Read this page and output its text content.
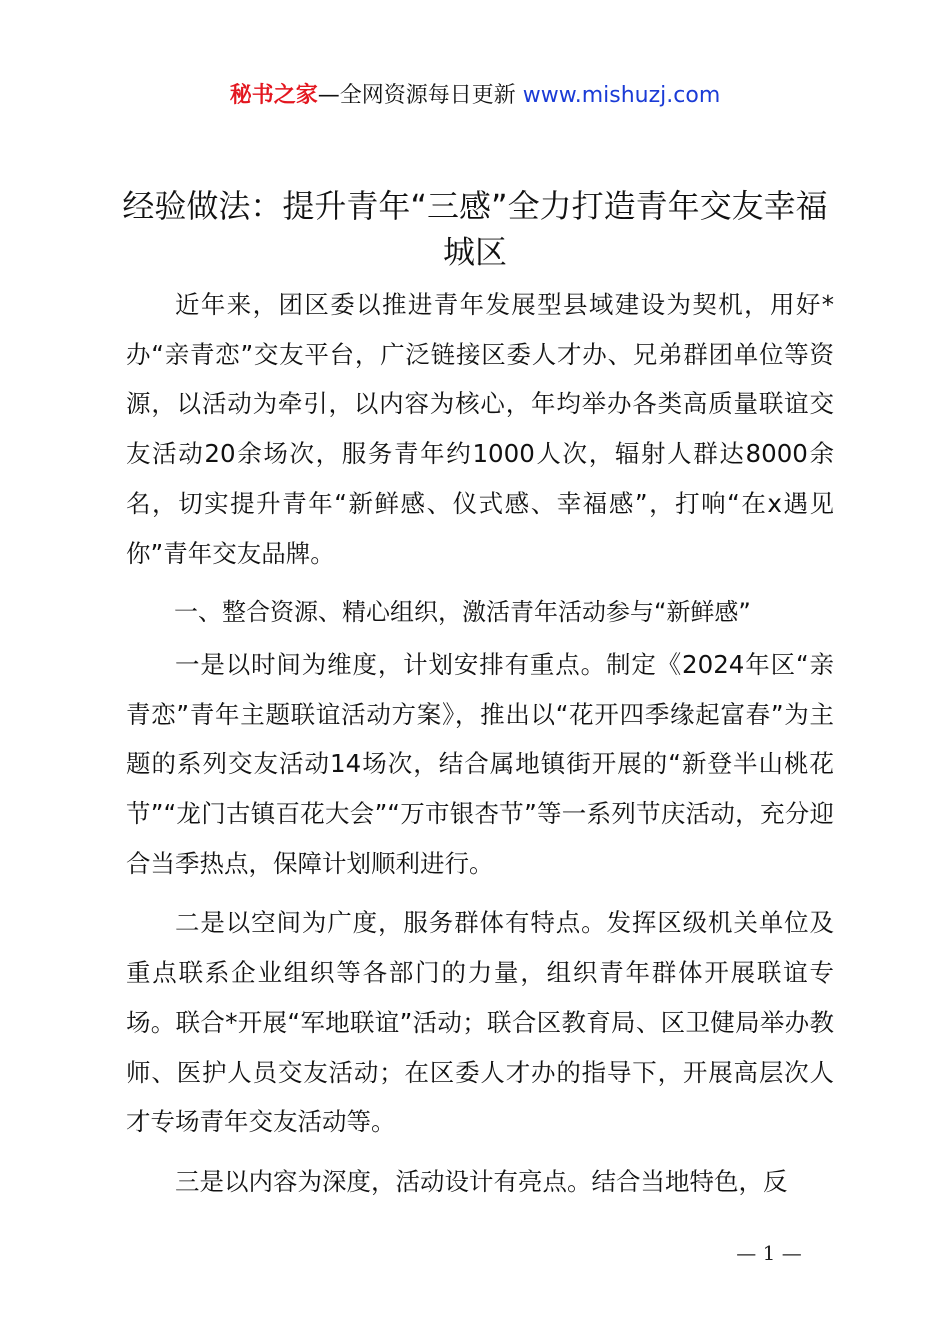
秘书之家—全网资源每日更新 www.mishuzj.com
经验做法：提升青年“三感”全力打造青年交友幸福城区

近年来，团区委以推进青年发展型县域建设为契机，用好*办“亲青恋”交友平台，广泛链接区委人才办、兄弟群团单位等资源，以活动为牵引，以内容为核心，年均举办各类高质量联谊交友活动20余场次，服务青年约1000人次，辐射人群达8000余名，切实提升青年“新鲜感、仪式感、幸福感”，打响“在x遇见你”青年交友品牌。

一、整合资源、精心组织，激活青年活动参与“新鲜感”

一是以时间为维度，计划安排有重点。制定《2024年区“亲青恋”青年主题联谊活动方案》，推出以“花开四季缘起富春”为主题的系列交友活动14场次，结合属地镇街开展的“新登半山桃花节”“龙门古镇百花大会”“万市银杏节”等一系列节庆活动，充分迎合当季热点，保障计划顺利进行。

二是以空间为广度，服务群体有特点。发挥区级机关单位及重点联系企业组织等各部门的力量，组织青年群体开展联谊专场。联合*开展“军地联谊”活动；联合区教育局、区卫健局举办教师、医护人员交友活动；在区委人才办的指导下，开展高层次人才专场青年交友活动等。

三是以内容为深度，活动设计有亮点。结合当地特色，反

— 1 —
